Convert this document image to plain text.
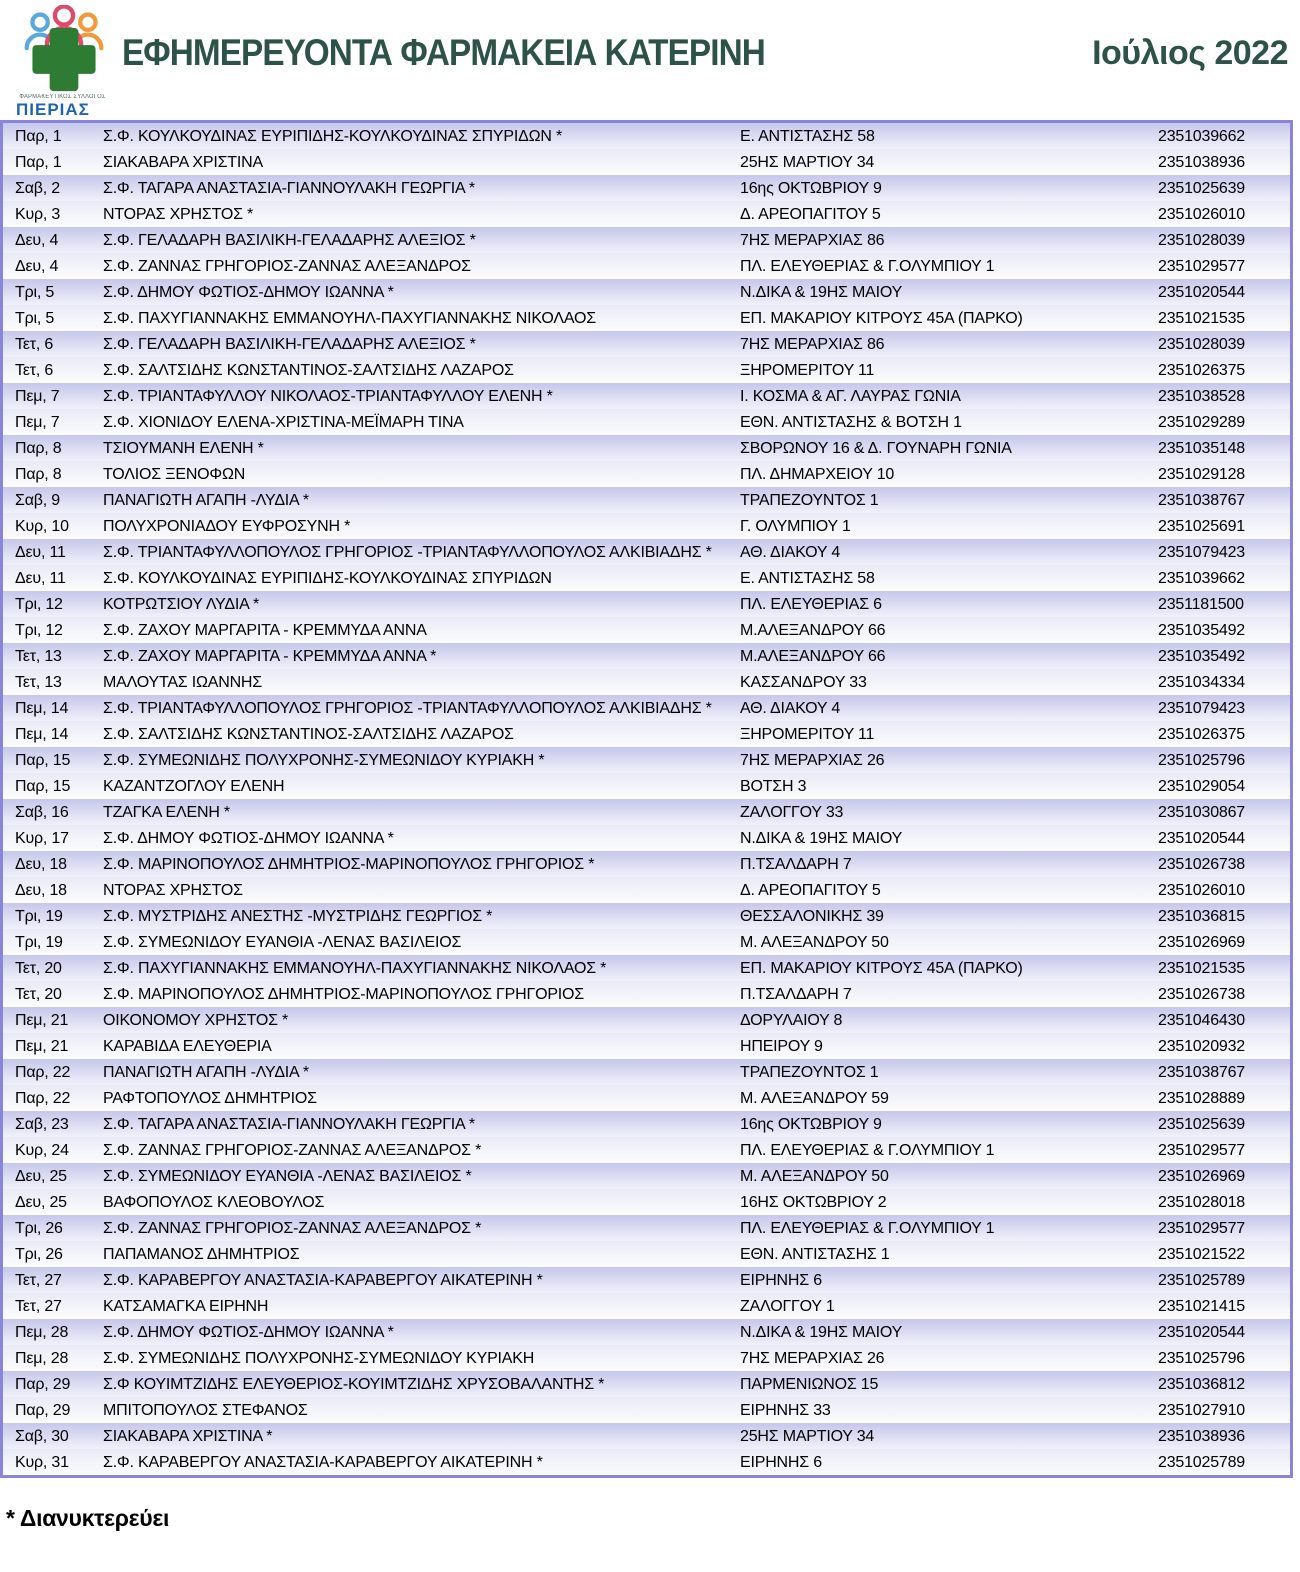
ΦΑΡΜΑΚΕΥΤΙΚΟΣ ΣΥΛΛΟΓΟΣ
ΠΙΕΡΙΑΣ
ΕΦΗΜΕΡΕΥΟΝΤΑ ΦΑΡΜΑΚΕΙΑ ΚΑΤΕΡΙΝΗ	Ιούλιος 2022
Παρ, 1	Σ.Φ. ΚΟΥΛΚΟΥΔΙΝΑΣ ΕΥΡΙΠΙΔΗΣ-ΚΟΥΛΚΟΥΔΙΝΑΣ ΣΠΥΡΙΔΩΝ *	Ε. ΑΝΤΙΣΤΑΣΗΣ 58	2351039662
Παρ, 1	ΣΙΑΚΑΒΑΡΑ ΧΡΙΣΤΙΝΑ	25ΗΣ ΜΑΡΤΙΟΥ 34	2351038936
Σαβ, 2	Σ.Φ. ΤΑΓΑΡΑ ΑΝΑΣΤΑΣΙΑ-ΓΙΑΝΝΟΥΛΑΚΗ ΓΕΩΡΓΙΑ *	16ης ΟΚΤΩΒΡΙΟΥ 9	2351025639
Κυρ, 3	ΝΤΟΡΑΣ ΧΡΗΣΤΟΣ *	Δ. ΑΡΕΟΠΑΓΙΤΟΥ 5	2351026010
Δευ, 4	Σ.Φ. ΓΕΛΑΔΑΡΗ ΒΑΣΙΛΙΚΗ-ΓΕΛΑΔΑΡΗΣ ΑΛΕΞΙΟΣ *	7ΗΣ ΜΕΡΑΡΧΙΑΣ 86	2351028039
Δευ, 4	Σ.Φ. ΖΑΝΝΑΣ ΓΡΗΓΟΡΙΟΣ-ΖΑΝΝΑΣ ΑΛΕΞΑΝΔΡΟΣ	ΠΛ. ΕΛΕΥΘΕΡΙΑΣ & Γ.ΟΛΥΜΠΙΟΥ 1	2351029577
Τρι, 5	Σ.Φ. ΔΗΜΟΥ ΦΩΤΙΟΣ-ΔΗΜΟΥ ΙΩΑΝΝΑ *	Ν.ΔΙΚΑ & 19ΗΣ ΜΑΙΟΥ	2351020544
Τρι, 5	Σ.Φ. ΠΑΧΥΓΙΑΝΝΑΚΗΣ ΕΜΜΑΝΟΥΗΛ-ΠΑΧΥΓΙΑΝΝΑΚΗΣ ΝΙΚΟΛΑΟΣ	ΕΠ. ΜΑΚΑΡΙΟΥ ΚΙΤΡΟΥΣ 45Α (ΠΑΡΚΟ)	2351021535
Τετ, 6	Σ.Φ. ΓΕΛΑΔΑΡΗ ΒΑΣΙΛΙΚΗ-ΓΕΛΑΔΑΡΗΣ ΑΛΕΞΙΟΣ *	7ΗΣ ΜΕΡΑΡΧΙΑΣ 86	2351028039
Τετ, 6	Σ.Φ. ΣΑΛΤΣΙΔΗΣ ΚΩΝΣΤΑΝΤΙΝΟΣ-ΣΑΛΤΣΙΔΗΣ ΛΑΖΑΡΟΣ	ΞΗΡΟΜΕΡΙΤΟΥ 11	2351026375
Πεμ, 7	Σ.Φ. ΤΡΙΑΝΤΑΦΥΛΛΟΥ ΝΙΚΟΛΑΟΣ-ΤΡΙΑΝΤΑΦΥΛΛΟΥ ΕΛΕΝΗ *	Ι. ΚΟΣΜΑ & ΑΓ. ΛΑΥΡΑΣ ΓΩΝΙΑ	2351038528
Πεμ, 7	Σ.Φ. ΧΙΟΝΙΔΟΥ ΕΛΕΝΑ-ΧΡΙΣΤΙΝΑ-ΜΕΪΜΑΡΗ ΤΙΝΑ	ΕΘΝ. ΑΝΤΙΣΤΑΣΗΣ & ΒΟΤΣΗ 1	2351029289
Παρ, 8	ΤΣΙΟΥΜΑΝΗ ΕΛΕΝΗ *	ΣΒΟΡΩΝΟΥ 16 & Δ. ΓΟΥΝΑΡΗ ΓΩΝΙΑ	2351035148
Παρ, 8	ΤΟΛΙΟΣ ΞΕΝΟΦΩΝ	ΠΛ. ΔΗΜΑΡΧΕΙΟΥ 10	2351029128
Σαβ, 9	ΠΑΝΑΓΙΩΤΗ ΑΓΑΠΗ -ΛΥΔΙΑ *	ΤΡΑΠΕΖΟΥΝΤΟΣ 1	2351038767
Κυρ, 10	ΠΟΛΥΧΡΟΝΙΑΔΟΥ ΕΥΦΡΟΣΥΝΗ *	Γ. ΟΛΥΜΠΙΟΥ 1	2351025691
Δευ, 11	Σ.Φ. ΤΡΙΑΝΤΑΦΥΛΛΟΠΟΥΛΟΣ ΓΡΗΓΟΡΙΟΣ -ΤΡΙΑΝΤΑΦΥΛΛΟΠΟΥΛΟΣ ΑΛΚΙΒΙΑΔΗΣ *	ΑΘ. ΔΙΑΚΟΥ 4	2351079423
Δευ, 11	Σ.Φ. ΚΟΥΛΚΟΥΔΙΝΑΣ ΕΥΡΙΠΙΔΗΣ-ΚΟΥΛΚΟΥΔΙΝΑΣ ΣΠΥΡΙΔΩΝ	Ε. ΑΝΤΙΣΤΑΣΗΣ 58	2351039662
Τρι, 12	ΚΟΤΡΩΤΣΙΟΥ ΛΥΔΙΑ *	ΠΛ. ΕΛΕΥΘΕΡΙΑΣ 6	2351181500
Τρι, 12	Σ.Φ. ΖΑΧΟΥ ΜΑΡΓΑΡΙΤΑ - ΚΡΕΜΜΥΔΑ ΑΝΝΑ	Μ.ΑΛΕΞΑΝΔΡΟΥ 66	2351035492
Τετ, 13	Σ.Φ. ΖΑΧΟΥ ΜΑΡΓΑΡΙΤΑ - ΚΡΕΜΜΥΔΑ ΑΝΝΑ *	Μ.ΑΛΕΞΑΝΔΡΟΥ 66	2351035492
Τετ, 13	ΜΑΛΟΥΤΑΣ ΙΩΑΝΝΗΣ	ΚΑΣΣΑΝΔΡΟΥ 33	2351034334
Πεμ, 14	Σ.Φ. ΤΡΙΑΝΤΑΦΥΛΛΟΠΟΥΛΟΣ ΓΡΗΓΟΡΙΟΣ -ΤΡΙΑΝΤΑΦΥΛΛΟΠΟΥΛΟΣ ΑΛΚΙΒΙΑΔΗΣ *	ΑΘ. ΔΙΑΚΟΥ 4	2351079423
Πεμ, 14	Σ.Φ. ΣΑΛΤΣΙΔΗΣ ΚΩΝΣΤΑΝΤΙΝΟΣ-ΣΑΛΤΣΙΔΗΣ ΛΑΖΑΡΟΣ	ΞΗΡΟΜΕΡΙΤΟΥ 11	2351026375
Παρ, 15	Σ.Φ. ΣΥΜΕΩΝΙΔΗΣ ΠΟΛΥΧΡΟΝΗΣ-ΣΥΜΕΩΝΙΔΟΥ ΚΥΡΙΑΚΗ *	7ΗΣ ΜΕΡΑΡΧΙΑΣ 26	2351025796
Παρ, 15	ΚΑΖΑΝΤΖΟΓΛΟΥ ΕΛΕΝΗ	ΒΟΤΣΗ 3	2351029054
Σαβ, 16	ΤΖΑΓΚΑ ΕΛΕΝΗ *	ΖΑΛΟΓΓΟΥ 33	2351030867
Κυρ, 17	Σ.Φ. ΔΗΜΟΥ ΦΩΤΙΟΣ-ΔΗΜΟΥ ΙΩΑΝΝΑ *	Ν.ΔΙΚΑ & 19ΗΣ ΜΑΙΟΥ	2351020544
Δευ, 18	Σ.Φ. ΜΑΡΙΝΟΠΟΥΛΟΣ ΔΗΜΗΤΡΙΟΣ-ΜΑΡΙΝΟΠΟΥΛΟΣ ΓΡΗΓΟΡΙΟΣ *	Π.ΤΣΑΛΔΑΡΗ 7	2351026738
Δευ, 18	ΝΤΟΡΑΣ ΧΡΗΣΤΟΣ	Δ. ΑΡΕΟΠΑΓΙΤΟΥ 5	2351026010
Τρι, 19	Σ.Φ. ΜΥΣΤΡΙΔΗΣ ΑΝΕΣΤΗΣ -ΜΥΣΤΡΙΔΗΣ ΓΕΩΡΓΙΟΣ *	ΘΕΣΣΑΛΟΝΙΚΗΣ 39	2351036815
Τρι, 19	Σ.Φ. ΣΥΜΕΩΝΙΔΟΥ ΕΥΑΝΘΙΑ -ΛΕΝΑΣ ΒΑΣΙΛΕΙΟΣ	Μ. ΑΛΕΞΑΝΔΡΟΥ 50	2351026969
Τετ, 20	Σ.Φ. ΠΑΧΥΓΙΑΝΝΑΚΗΣ ΕΜΜΑΝΟΥΗΛ-ΠΑΧΥΓΙΑΝΝΑΚΗΣ ΝΙΚΟΛΑΟΣ *	ΕΠ. ΜΑΚΑΡΙΟΥ ΚΙΤΡΟΥΣ 45Α (ΠΑΡΚΟ)	2351021535
Τετ, 20	Σ.Φ. ΜΑΡΙΝΟΠΟΥΛΟΣ ΔΗΜΗΤΡΙΟΣ-ΜΑΡΙΝΟΠΟΥΛΟΣ ΓΡΗΓΟΡΙΟΣ	Π.ΤΣΑΛΔΑΡΗ 7	2351026738
Πεμ, 21	ΟΙΚΟΝΟΜΟΥ ΧΡΗΣΤΟΣ *	ΔΟΡΥΛΑΙΟΥ 8	2351046430
Πεμ, 21	ΚΑΡΑΒΙΔΑ ΕΛΕΥΘΕΡΙΑ	ΗΠΕΙΡΟΥ 9	2351020932
Παρ, 22	ΠΑΝΑΓΙΩΤΗ ΑΓΑΠΗ -ΛΥΔΙΑ *	ΤΡΑΠΕΖΟΥΝΤΟΣ 1	2351038767
Παρ, 22	ΡΑΦΤΟΠΟΥΛΟΣ ΔΗΜΗΤΡΙΟΣ	Μ. ΑΛΕΞΑΝΔΡΟΥ 59	2351028889
Σαβ, 23	Σ.Φ. ΤΑΓΑΡΑ ΑΝΑΣΤΑΣΙΑ-ΓΙΑΝΝΟΥΛΑΚΗ ΓΕΩΡΓΙΑ *	16ης ΟΚΤΩΒΡΙΟΥ 9	2351025639
Κυρ, 24	Σ.Φ. ΖΑΝΝΑΣ ΓΡΗΓΟΡΙΟΣ-ΖΑΝΝΑΣ ΑΛΕΞΑΝΔΡΟΣ *	ΠΛ. ΕΛΕΥΘΕΡΙΑΣ & Γ.ΟΛΥΜΠΙΟΥ 1	2351029577
Δευ, 25	Σ.Φ. ΣΥΜΕΩΝΙΔΟΥ ΕΥΑΝΘΙΑ -ΛΕΝΑΣ ΒΑΣΙΛΕΙΟΣ *	Μ. ΑΛΕΞΑΝΔΡΟΥ 50	2351026969
Δευ, 25	ΒΑΦΟΠΟΥΛΟΣ ΚΛΕΟΒΟΥΛΟΣ	16ΗΣ ΟΚΤΩΒΡΙΟΥ 2	2351028018
Τρι, 26	Σ.Φ. ΖΑΝΝΑΣ ΓΡΗΓΟΡΙΟΣ-ΖΑΝΝΑΣ ΑΛΕΞΑΝΔΡΟΣ *	ΠΛ. ΕΛΕΥΘΕΡΙΑΣ & Γ.ΟΛΥΜΠΙΟΥ 1	2351029577
Τρι, 26	ΠΑΠΑΜΑΝΟΣ ΔΗΜΗΤΡΙΟΣ	ΕΘΝ. ΑΝΤΙΣΤΑΣΗΣ 1	2351021522
Τετ, 27	Σ.Φ. ΚΑΡΑΒΕΡΓΟΥ ΑΝΑΣΤΑΣΙΑ-ΚΑΡΑΒΕΡΓΟΥ ΑΙΚΑΤΕΡΙΝΗ *	ΕΙΡΗΝΗΣ 6	2351025789
Τετ, 27	ΚΑΤΣΑΜΑΓΚΑ ΕΙΡΗΝΗ	ΖΑΛΟΓΓΟΥ 1	2351021415
Πεμ, 28	Σ.Φ. ΔΗΜΟΥ ΦΩΤΙΟΣ-ΔΗΜΟΥ ΙΩΑΝΝΑ *	Ν.ΔΙΚΑ & 19ΗΣ ΜΑΙΟΥ	2351020544
Πεμ, 28	Σ.Φ. ΣΥΜΕΩΝΙΔΗΣ ΠΟΛΥΧΡΟΝΗΣ-ΣΥΜΕΩΝΙΔΟΥ ΚΥΡΙΑΚΗ	7ΗΣ ΜΕΡΑΡΧΙΑΣ 26	2351025796
Παρ, 29	Σ.Φ ΚΟΥΙΜΤΖΙΔΗΣ ΕΛΕΥΘΕΡΙΟΣ-ΚΟΥΙΜΤΖΙΔΗΣ ΧΡΥΣΟΒΑΛΑΝΤΗΣ *	ΠΑΡΜΕΝΙΩΝΟΣ 15	2351036812
Παρ, 29	ΜΠΙΤΟΠΟΥΛΟΣ ΣΤΕΦΑΝΟΣ	ΕΙΡΗΝΗΣ 33	2351027910
Σαβ, 30	ΣΙΑΚΑΒΑΡΑ ΧΡΙΣΤΙΝΑ *	25ΗΣ ΜΑΡΤΙΟΥ 34	2351038936
Κυρ, 31	Σ.Φ. ΚΑΡΑΒΕΡΓΟΥ ΑΝΑΣΤΑΣΙΑ-ΚΑΡΑΒΕΡΓΟΥ ΑΙΚΑΤΕΡΙΝΗ *	ΕΙΡΗΝΗΣ 6	2351025789
* Διανυκτερεύει
